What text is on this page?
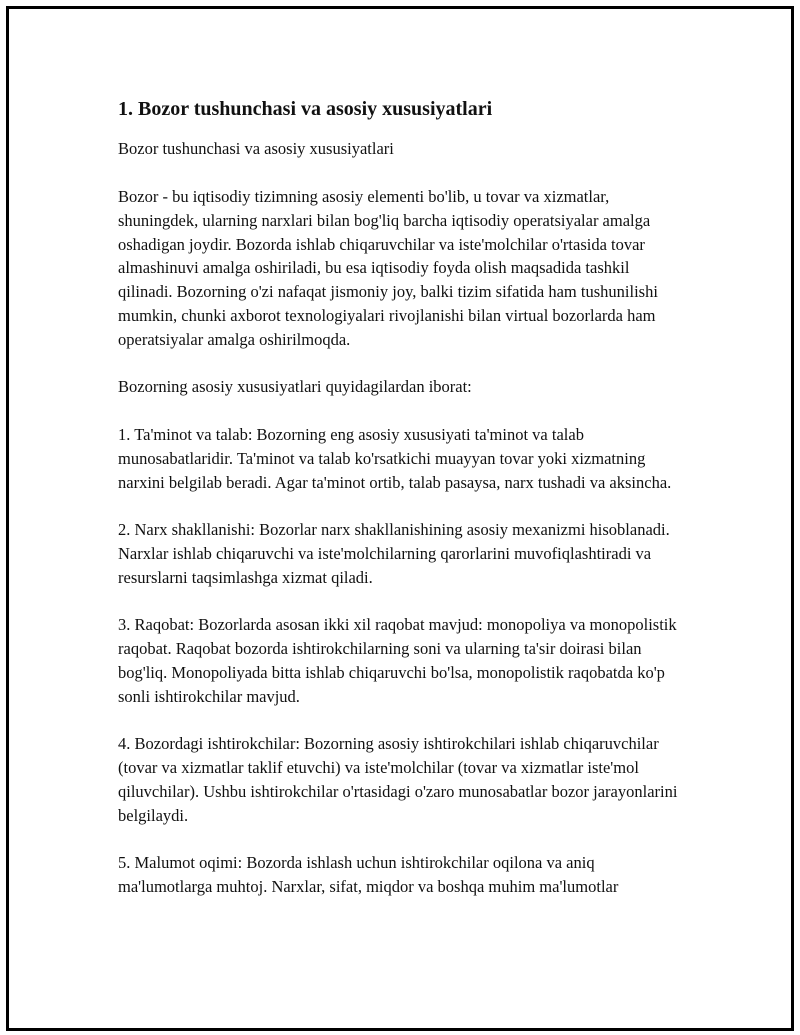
1. Bozor tushunchasi va asosiy xususiyatlari

Bozor tushunchasi va asosiy xususiyatlari

Bozor - bu iqtisodiy tizimning asosiy elementi bo'lib, u tovar va xizmatlar, shuningdek, ularning narxlari bilan bog'liq barcha iqtisodiy operatsiyalar amalga oshadigan joydir. Bozorda ishlab chiqaruvchilar va iste'molchilar o'rtasida tovar almashinuvi amalga oshiriladi, bu esa iqtisodiy foyda olish maqsadida tashkil qilinadi. Bozorning o'zi nafaqat jismoniy joy, balki tizim sifatida ham tushunilishi mumkin, chunki axborot texnologiyalari rivojlanishi bilan virtual bozorlarda ham operatsiyalar amalga oshirilmoqda.

Bozorning asosiy xususiyatlari quyidagilardan iborat:

1. Ta'minot va talab: Bozorning eng asosiy xususiyati ta'minot va talab munosabatlaridir. Ta'minot va talab ko'rsatkichi muayyan tovar yoki xizmatning narxini belgilab beradi. Agar ta'minot ortib, talab pasaysa, narx tushadi va aksincha.

2. Narx shakllanishi: Bozorlar narx shakllanishining asosiy mexanizmi hisoblanadi. Narxlar ishlab chiqaruvchi va iste'molchilarning qarorlarini muvofiqlashtiradi va resurslarni taqsimlashga xizmat qiladi.

3. Raqobat: Bozorlarda asosan ikki xil raqobat mavjud: monopoliya va monopolistik raqobat. Raqobat bozorda ishtirokchilarning soni va ularning ta'sir doirasi bilan bog'liq. Monopoliyada bitta ishlab chiqaruvchi bo'lsa, monopolistik raqobatda ko'p sonli ishtirokchilar mavjud.

4. Bozordagi ishtirokchilar: Bozorning asosiy ishtirokchilari ishlab chiqaruvchilar (tovar va xizmatlar taklif etuvchi) va iste'molchilar (tovar va xizmatlar iste'mol qiluvchilar). Ushbu ishtirokchilar o'rtasidagi o'zaro munosabatlar bozor jarayonlarini belgilaydi.

5. Malumot oqimi: Bozorda ishlash uchun ishtirokchilar oqilona va aniq ma'lumotlarga muhtoj. Narxlar, sifat, miqdor va boshqa muhim ma'lumotlar
